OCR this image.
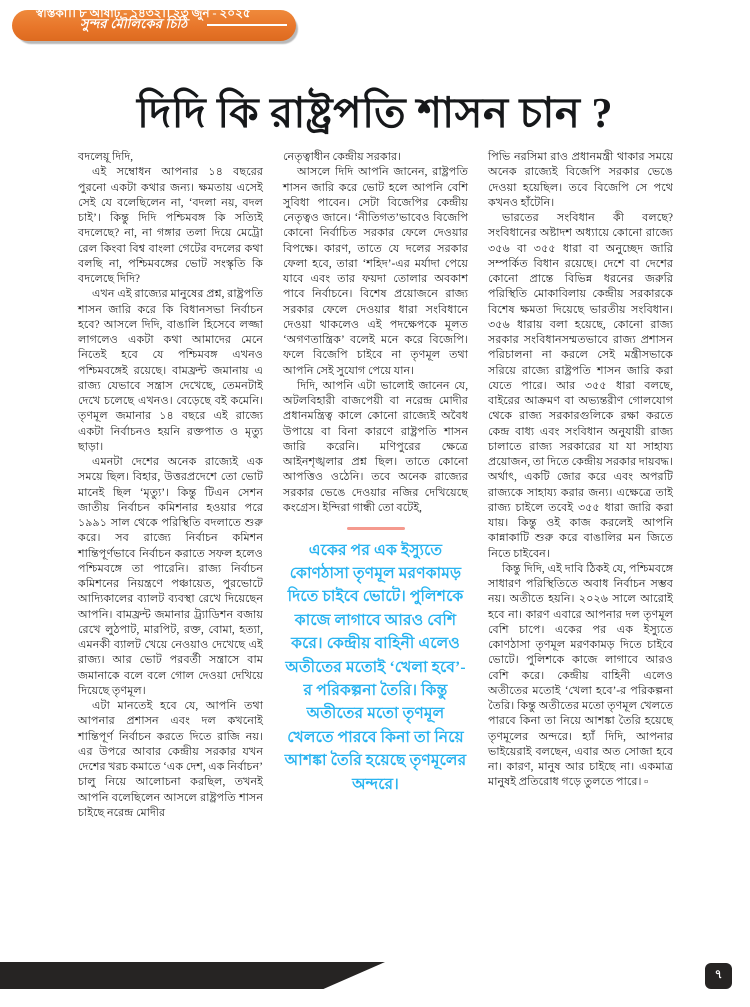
সুন্দর মৌলিকের চিঠি
দিদি কি রাষ্ট্রপতি শাসন চান ?

বদলেয়ূ দিদি,

এই সম্বোধন আপনার ১৪ বছরের পুরনো একটা কথার জন্য। ক্ষমতায় এসেই সেই যে বলেছিলেন না, ‘বদলা নয়, বদল চাই’। কিন্তু দিদি পশ্চিমবঙ্গ কি সত্যিই বদলেছে? না, না গঙ্গার তলা দিয়ে মেট্রো রেল কিংবা বিশ্ব বাংলা গেটের বদলের কথা বলছি না, পশ্চিমবঙ্গের ভোট সংস্কৃতি কি বদলেছে দিদি?

এখন এই রাজ্যের মানুষের প্রশ্ন, রাষ্ট্রপতি শাসন জারি করে কি বিধানসভা নির্বাচন হবে? আসলে দিদি, বাঙালি হিসেবে লজ্জা লাগলেও একটা কথা আমাদের মেনে নিতেই হবে যে পশ্চিমবঙ্গ এখনও পশ্চিমবঙ্গেই রয়েছে। বামফ্রন্ট জমানায় এ রাজ্য যেভাবে সন্ত্রাস দেখেছে, তেমনটাই দেখে চলেছে এখনও। বেড়েছে বই কমেনি। তৃণমূল জমানার ১৪ বছরে এই রাজ্যে একটা নির্বাচনও হয়নি রক্তপাত ও মৃত্যু ছাড়া।

এমনটা দেশের অনেক রাজ্যেই এক সময়ে ছিল। বিহার, উত্তরপ্রদেশে তো ভোট মানেই ছিল ‘মৃত্যু’। কিন্তু টিএন সেশন জাতীয় নির্বাচন কমিশনার হওয়ার পরে ১৯৯১ সাল থেকে পরিস্থিতি বদলাতে শুরু করে। সব রাজ্যে নির্বাচন কমিশন শান্তিপূর্ণভাবে নির্বাচন করাতে সফল হলেও পশ্চিমবঙ্গে তা পারেনি। রাজ্য নির্বাচন কমিশনের নিয়ন্ত্রণে পঞ্চায়েত, পুরভোটে আদ্যিকালের ব্যালট ব্যবস্থা রেখে দিয়েছেন আপনি। বামফ্রন্ট জমানার ট্র্যাডিশন বজায় রেখে লুঠপাট, মারপিট, রক্ত, বোমা, হত্যা, এমনকী ব্যালট খেয়ে নেওয়াও দেখেছে এই রাজ্য। আর ভোট পরবর্তী সন্ত্রাসে বাম জমানাকে বলে বলে গোল দেওয়া দেখিয়ে দিয়েছে তৃণমূল।

এটা মানতেই হবে যে, আপনি তথা আপনার প্রশাসন এবং দল কখনোই শান্তিপূর্ণ নির্বাচন করতে দিতে রাজি নয়। এর উপরে আবার কেন্দ্রীয় সরকার যখন দেশের খরচ কমাতে ‘এক দেশ, এক নির্বাচন’ চালু নিয়ে আলোচনা করছিল, তখনই আপনি বলেছিলেন আসলে রাষ্ট্রপতি শাসন চাইছে নরেন্দ্র মোদীর

নেতৃত্বাধীন কেন্দ্রীয় সরকার।

আসলে দিদি আপনি জানেন, রাষ্ট্রপতি শাসন জারি করে ভোট হলে আপনি বেশি সুবিধা পাবেন। সেটা বিজেপির কেন্দ্রীয় নেতৃত্বও জানে। ‘নীতিগত’ভাবেও বিজেপি কোনো নির্বাচিত সরকার ফেলে দেওয়ার বিপক্ষে। কারণ, তাতে যে দলের সরকার ফেলা হবে, তারা ‘শহিদ’-এর মর্যাদা পেয়ে যাবে এবং তার ফয়দা তোলার অবকাশ পাবে নির্বাচনে। বিশেষ প্রয়োজনে রাজ্য সরকার ফেলে দেওয়ার ধারা সংবিধানে দেওয়া থাকলেও এই পদক্ষেপকে মূলত ‘অগণতান্ত্রিক’ বলেই মনে করে বিজেপি। ফলে বিজেপি চাইবে না তৃণমূল তথা আপনি সেই সুযোগ পেয়ে যান।

দিদি, আপনি এটা ভালোই জানেন যে, অটলবিহারী বাজপেয়ী বা নরেন্দ্র মোদীর প্রধানমন্ত্রিত্ব কালে কোনো রাজ্যেই অবৈধ উপায়ে বা বিনা কারণে রাষ্ট্রপতি শাসন জারি করেনি। মণিপুরের ক্ষেত্রে আইনশৃঙ্খলার প্রশ্ন ছিল। তাতে কোনো আপত্তিও ওঠেনি। তবে অনেক রাজ্যের সরকার ভেঙে দেওয়ার নজির দেখিয়েছে কংগ্রেস। ইন্দিরা গান্ধী তো বটেই,

একের পর এক ইস্যুতে কোণঠাসা তৃণমূল মরণকামড় দিতে চাইবে ভোটে। পুলিশকে কাজে লাগাবে আরও বেশি করে। কেন্দ্রীয় বাহিনী এলেও অতীতের মতোই ‘খেলা হবে’-র পরিকল্পনা তৈরি। কিন্তু অতীতের মতো তৃণমূল খেলতে পারবে কিনা তা নিয়ে আশঙ্কা তৈরি হয়েছে তৃণমূলের অন্দরে।

পিভি নরসিমা রাও প্রধানমন্ত্রী থাকার সময়ে অনেক রাজ্যেই বিজেপি সরকার ভেঙে দেওয়া হয়েছিল। তবে বিজেপি সে পথে কখনও হাঁটেনি।

ভারতের সংবিধান কী বলছে? সংবিধানের অষ্টাদশ অধ্যায়ে কোনো রাজ্যে ৩৫৬ বা ৩৫৫ ধারা বা অনুচ্ছেদ জারি সম্পর্কিত বিধান রয়েছে। দেশে বা দেশের কোনো প্রান্তে বিভিন্ন ধরনের জরুরি পরিস্থিতি মোকাবিলায় কেন্দ্রীয় সরকারকে বিশেষ ক্ষমতা দিয়েছে ভারতীয় সংবিধান। ৩৫৬ ধারায় বলা হয়েছে, কোনো রাজ্য সরকার সংবিধানসম্মতভাবে রাজ্য প্রশাসন পরিচালনা না করলে সেই মন্ত্রীসভাকে সরিয়ে রাজ্যে রাষ্ট্রপতি শাসন জারি করা যেতে পারে। আর ৩৫৫ ধারা বলছে, বাইরের আক্রমণ বা অভ্যন্তরীণ গোলযোগ থেকে রাজ্য সরকারগুলিকে রক্ষা করতে কেন্দ্র বাধ্য এবং সংবিধান অনুযায়ী রাজ্য চালাতে রাজ্য সরকারের যা যা সাহায্য প্রয়োজন, তা দিতে কেন্দ্রীয় সরকার দায়বদ্ধ। অর্থাৎ, একটি জোর করে এবং অপরটি রাজ্যকে সাহায্য করার জন্য। এক্ষেত্রে তাই রাজ্য চাইলে তবেই ৩৫৫ ধারা জারি করা যায়। কিন্তু ওই কাজ করলেই আপনি কান্নাকাটি শুরু করে বাঙালির মন জিতে নিতে চাইবেন।

কিন্তু দিদি, এই দাবি ঠিকই যে, পশ্চিমবঙ্গে সাধারণ পরিস্থিতিতে অবাধ নির্বাচন সম্ভব নয়। অতীতে হয়নি। ২০২৬ সালে আরোই হবে না। কারণ এবারে আপনার দল তৃণমূল বেশি চাপে। একের পর এক ইস্যুতে কোণঠাসা তৃণমূল মরণকামড় দিতে চাইবে ভোটে। পুলিশকে কাজে লাগাবে আরও বেশি করে। কেন্দ্রীয় বাহিনী এলেও অতীতের মতোই ‘খেলা হবে’-র পরিকল্পনা তৈরি। কিন্তু অতীতের মতো তৃণমূল খেলতে পারবে কিনা তা নিয়ে আশঙ্কা তৈরি হয়েছে তৃণমূলের অন্দরে। হ্যাঁ দিদি, আপনার ভাইয়েরাই বলছেন, এবার অত সোজা হবে না। কারণ, মানুষ আর চাইছে না। একমাত্র মানুষই প্রতিরোধ গড়ে তুলতে পারে। ▫

স্বস্তিকা।। ৮ আষাঢ় - ১৪৩২।। ২৩ জুন - ২০২৫
৭
